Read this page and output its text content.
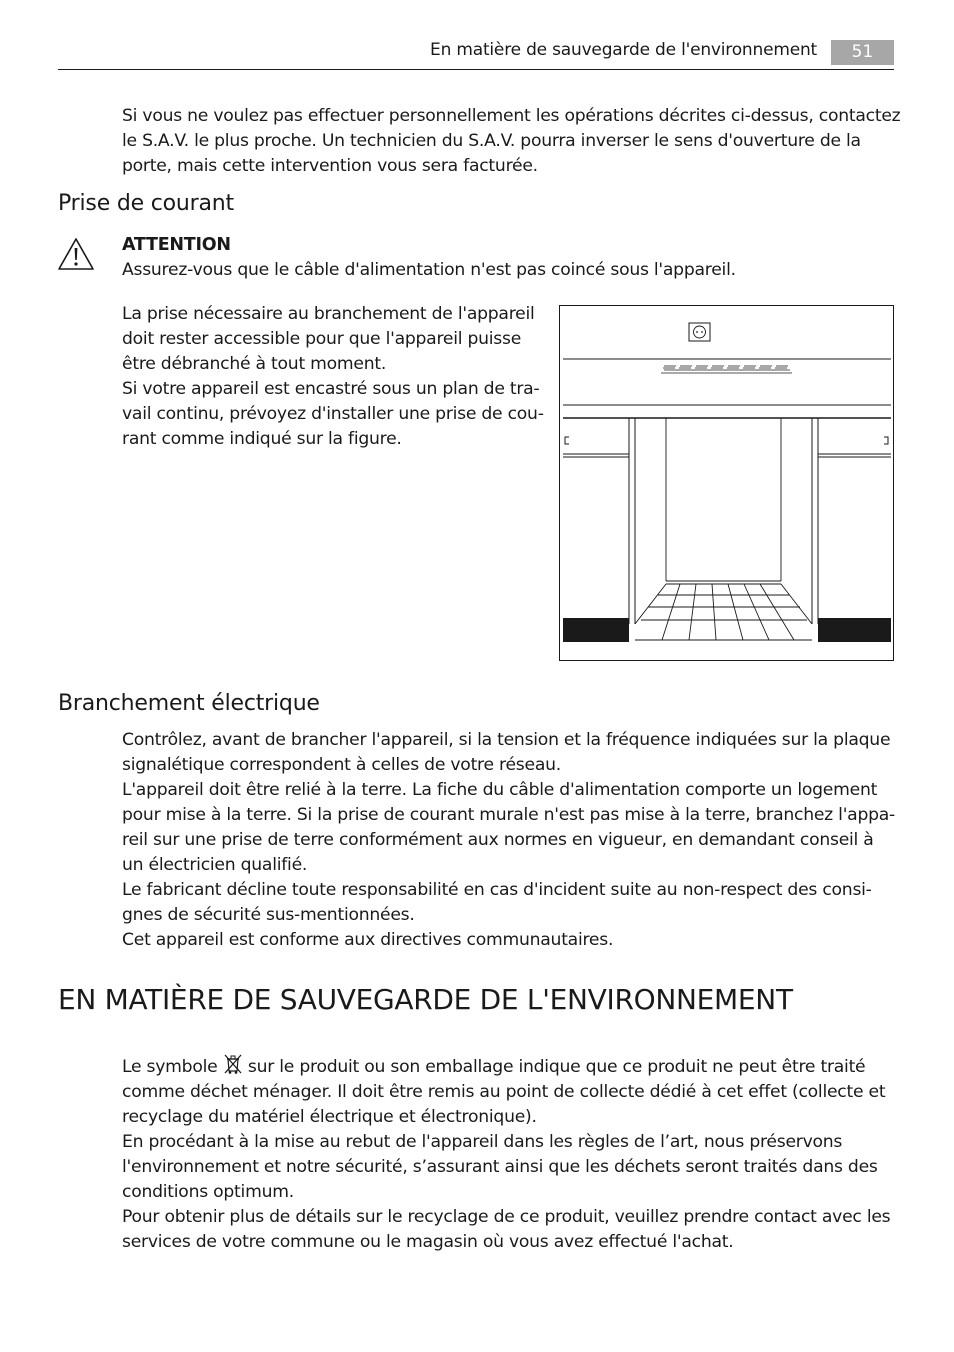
En matière de sauvegarde de l'environnement	51

Si vous ne voulez pas effectuer personnellement les opérations décrites ci-dessus, contactez

le S.A.V. le plus proche. Un technicien du S.A.V. pourra inverser le sens d'ouverture de la

porte, mais cette intervention vous sera facturée.

Prise de courant

ATTENTION

Assurez-vous que le câble d'alimentation n'est pas coincé sous l'appareil.

La prise nécessaire au branchement de l'appareil

doit rester accessible pour que l'appareil puisse

être débranché à tout moment.

Si votre appareil est encastré sous un plan de tra-

vail continu, prévoyez d'installer une prise de cou-

rant comme indiqué sur la figure.

Branchement électrique

Contrôlez, avant de brancher l'appareil, si la tension et la fréquence indiquées sur la plaque

signalétique correspondent à celles de votre réseau.

L'appareil doit être relié à la terre. La fiche du câble d'alimentation comporte un logement

pour mise à la terre. Si la prise de courant murale n'est pas mise à la terre, branchez l'appa-

reil sur une prise de terre conformément aux normes en vigueur, en demandant conseil à

un électricien qualifié.

Le fabricant décline toute responsabilité en cas d'incident suite au non-respect des consi-

gnes de sécurité sus-mentionnées.

Cet appareil est conforme aux directives communautaires.

EN MATIÈRE DE SAUVEGARDE DE L'ENVIRONNEMENT

Le symbole sur le produit ou son emballage indique que ce produit ne peut être traité

comme déchet ménager. Il doit être remis au point de collecte dédié à cet effet (collecte et

recyclage du matériel électrique et électronique).

En procédant à la mise au rebut de l'appareil dans les règles de l’art, nous préservons

l'environnement et notre sécurité, s’assurant ainsi que les déchets seront traités dans des

conditions optimum.

Pour obtenir plus de détails sur le recyclage de ce produit, veuillez prendre contact avec les

services de votre commune ou le magasin où vous avez effectué l'achat.
